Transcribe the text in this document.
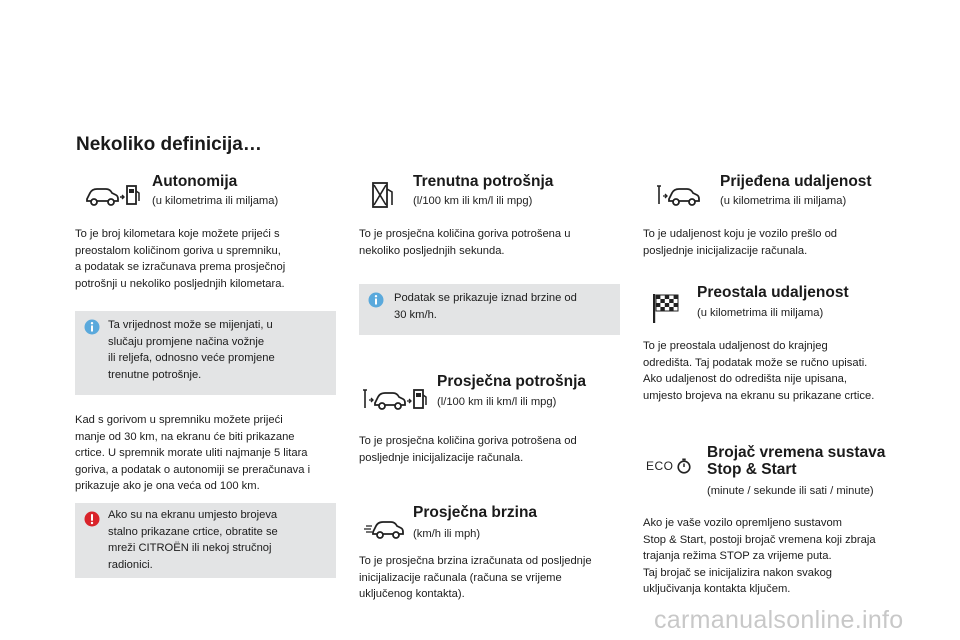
Nekoliko definicija…
Autonomija
(u kilometrima ili miljama)
To je broj kilometara koje možete prijeći s
preostalom količinom goriva u spremniku,
a podatak se izračunava prema prosječnoj
potrošnji u nekoliko posljednjih kilometara.
Ta vrijednost može se mijenjati, u
slučaju promjene načina vožnje
ili reljefa, odnosno veće promjene
trenutne potrošnje.
Kad s gorivom u spremniku možete prijeći
manje od 30 km, na ekranu će biti prikazane
crtice. U spremnik morate uliti najmanje 5 litara
goriva, a podatak o autonomiji se preračunava i
prikazuje ako je ona veća od 100 km.
Ako su na ekranu umjesto brojeva
stalno prikazane crtice, obratite se
mreži CITROËN ili nekoj stručnoj
radionici.
Trenutna potrošnja
(l/100 km ili km/l ili mpg)
To je prosječna količina goriva potrošena u
nekoliko posljednjih sekunda.
Podatak se prikazuje iznad brzine od
30 km/h.
Prosječna potrošnja
(l/100 km ili km/l ili mpg)
To je prosječna količina goriva potrošena od
posljednje inicijalizacije računala.
Prosječna brzina
(km/h ili mph)
To je prosječna brzina izračunata od posljednje
inicijalizacije računala (računa se vrijeme
uključenog kontakta).
Prijeđena udaljenost
(u kilometrima ili miljama)
To je udaljenost koju je vozilo prešlo od
posljednje inicijalizacije računala.
Preostala udaljenost
(u kilometrima ili miljama)
To je preostala udaljenost do krajnjeg
odredišta. Taj podatak može se ručno upisati.
Ako udaljenost do odredišta nije upisana,
umjesto brojeva na ekranu su prikazane crtice.
ECO
Brojač vremena sustava
Stop & Start
(minute / sekunde ili sati / minute)
Ako je vaše vozilo opremljeno sustavom
Stop & Start, postoji brojač vremena koji zbraja
trajanja režima STOP za vrijeme puta.
Taj brojač se inicijalizira nakon svakog
uključivanja kontakta ključem.
carmanualsonline.info
